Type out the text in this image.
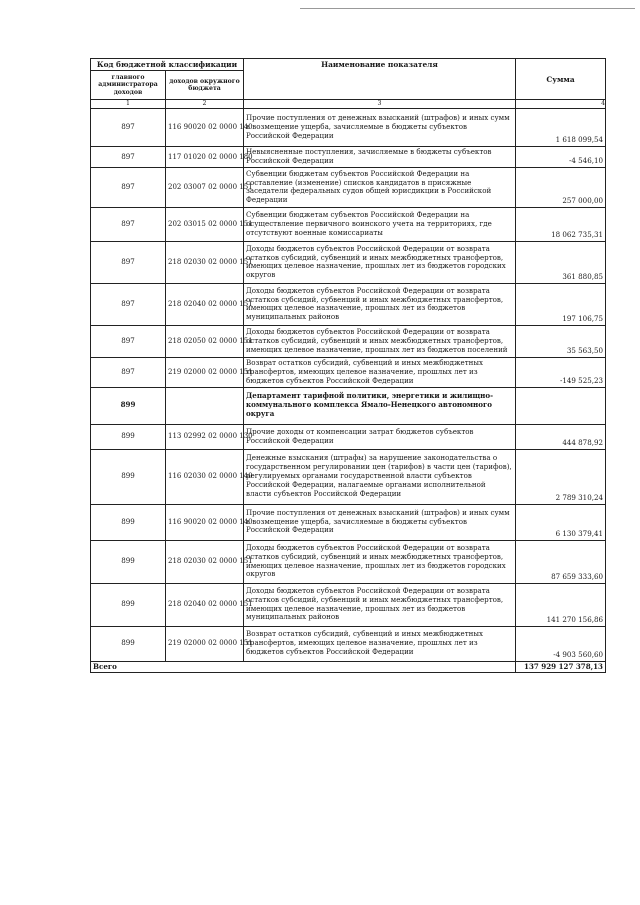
Код бюджетной классификации		Наименование показателя	Сумма
главного администратора доходов	доходов окружного бюджета		
1	2	3	4
897	116 90020 02 0000 140	Прочие поступления от денежных взысканий (штрафов) и иных сумм в возмещение ущерба, зачисляемые в бюджеты субъектов Российской Федерации	1 618 099,54
897	117 01020 02 0000 180	Невыясненные поступления, зачисляемые в бюджеты субъектов Российской Федерации	-4 546,10
897	202 03007 02 0000 151	Субвенции бюджетам субъектов Российской Федерации на составление (изменение) списков кандидатов в присяжные заседатели федеральных судов общей юрисдикции в Российской Федерации	257 000,00
897	202 03015 02 0000 151	Субвенции бюджетам субъектов Российской Федерации на осуществление первичного воинского учета на территориях, где отсутствуют военные комиссариаты	18 062 735,31
897	218 02030 02 0000 151	Доходы бюджетов субъектов Российской Федерации от возврата остатков субсидий, субвенций и иных межбюджетных трансфертов, имеющих целевое назначение, прошлых лет из бюджетов городских округов	361 880,85
897	218 02040 02 0000 151	Доходы бюджетов субъектов Российской Федерации от возврата остатков субсидий, субвенций и иных межбюджетных трансфертов, имеющих целевое назначение, прошлых лет из бюджетов муниципальных районов	197 106,75
897	218 02050 02 0000 151	Доходы бюджетов субъектов Российской Федерации от возврата остатков субсидий, субвенций и иных межбюджетных трансфертов, имеющих целевое назначение, прошлых лет из бюджетов поселений	35 563,50
897	219 02000 02 0000 151	Возврат остатков субсидий, субвенций и иных межбюджетных трансфертов, имеющих целевое назначение, прошлых лет из бюджетов субъектов Российской Федерации	-149 525,23
899		Департамент тарифной политики, энергетики и жилищно-коммунального комплекса Ямало-Ненецкого автономного округа	
899	113 02992 02 0000 130	Прочие доходы от компенсации затрат бюджетов субъектов Российской Федерации	444 878,92
899	116 02030 02 0000 140	Денежные взыскания (штрафы) за нарушение законодательства о государственном регулировании цен (тарифов) в части цен (тарифов), регулируемых органами государственной власти субъектов Российской Федерации, налагаемые органами исполнительной власти субъектов Российской Федерации	2 789 310,24
899	116 90020 02 0000 140	Прочие поступления от денежных взысканий (штрафов) и иных сумм в возмещение ущерба, зачисляемые в бюджеты субъектов Российской Федерации	6 130 379,41
899	218 02030 02 0000 151	Доходы бюджетов субъектов Российской Федерации от возврата остатков субсидий, субвенций и иных межбюджетных трансфертов, имеющих целевое назначение, прошлых лет из бюджетов городских округов	87 659 333,60
899	218 02040 02 0000 151	Доходы бюджетов субъектов Российской Федерации от возврата остатков субсидий, субвенций и иных межбюджетных трансфертов, имеющих целевое назначение, прошлых лет из бюджетов муниципальных районов	141 270 156,86
899	219 02000 02 0000 151	Возврат остатков субсидий, субвенций и иных межбюджетных трансфертов, имеющих целевое назначение, прошлых лет из бюджетов субъектов Российской Федерации	-4 903 560,60
Всего			137 929 127 378,13
